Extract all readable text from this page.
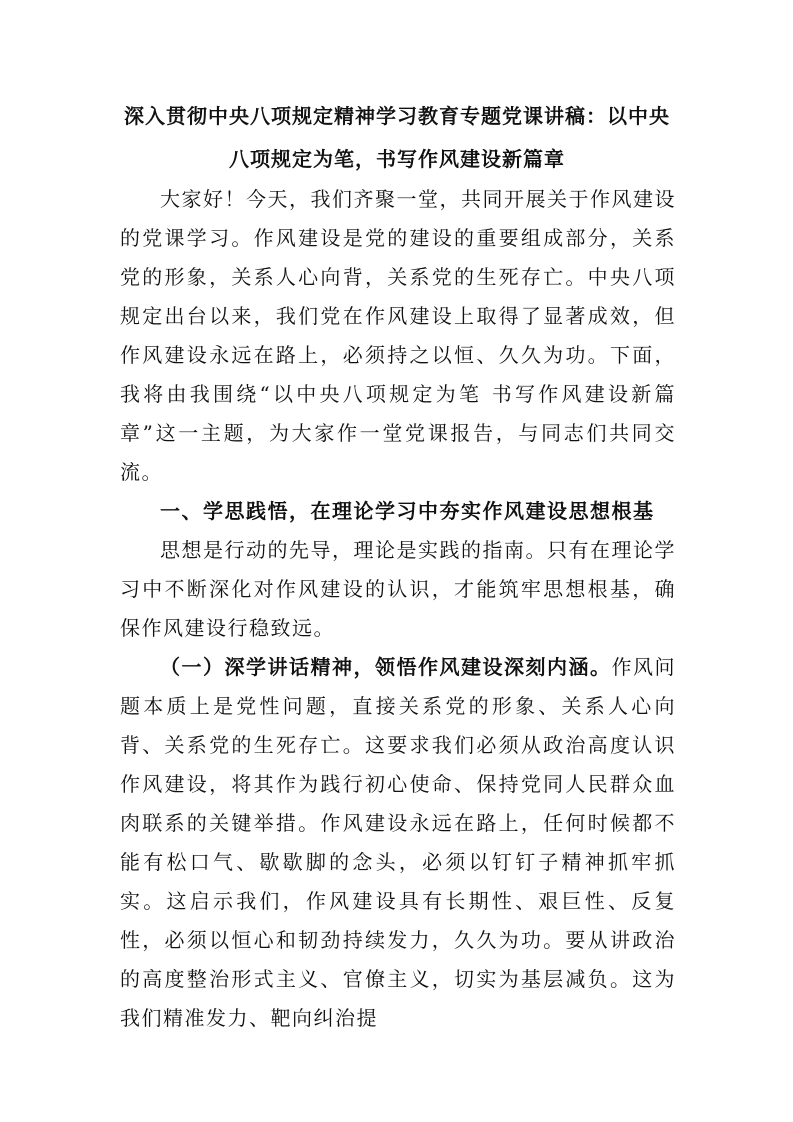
深入贯彻中央八项规定精神学习教育专题党课讲稿：以中央
八项规定为笔，书写作风建设新篇章

大家好！今天，我们齐聚一堂，共同开展关于作风建设的党课学习。作风建设是党的建设的重要组成部分，关系党的形象，关系人心向背，关系党的生死存亡。中央八项规定出台以来，我们党在作风建设上取得了显著成效，但作风建设永远在路上，必须持之以恒、久久为功。下面，我将由我围绕“以中央八项规定为笔 书写作风建设新篇章”这一主题，为大家作一堂党课报告，与同志们共同交流。

一、学思践悟，在理论学习中夯实作风建设思想根基

思想是行动的先导，理论是实践的指南。只有在理论学习中不断深化对作风建设的认识，才能筑牢思想根基，确保作风建设行稳致远。

（一）深学讲话精神，领悟作风建设深刻内涵。作风问题本质上是党性问题，直接关系党的形象、关系人心向背、关系党的生死存亡。这要求我们必须从政治高度认识作风建设，将其作为践行初心使命、保持党同人民群众血肉联系的关键举措。作风建设永远在路上，任何时候都不能有松口气、歇歇脚的念头，必须以钉钉子精神抓牢抓实。这启示我们，作风建设具有长期性、艰巨性、反复性，必须以恒心和韧劲持续发力，久久为功。要从讲政治的高度整治形式主义、官僚主义，切实为基层减负。这为我们精准发力、靶向纠治提
